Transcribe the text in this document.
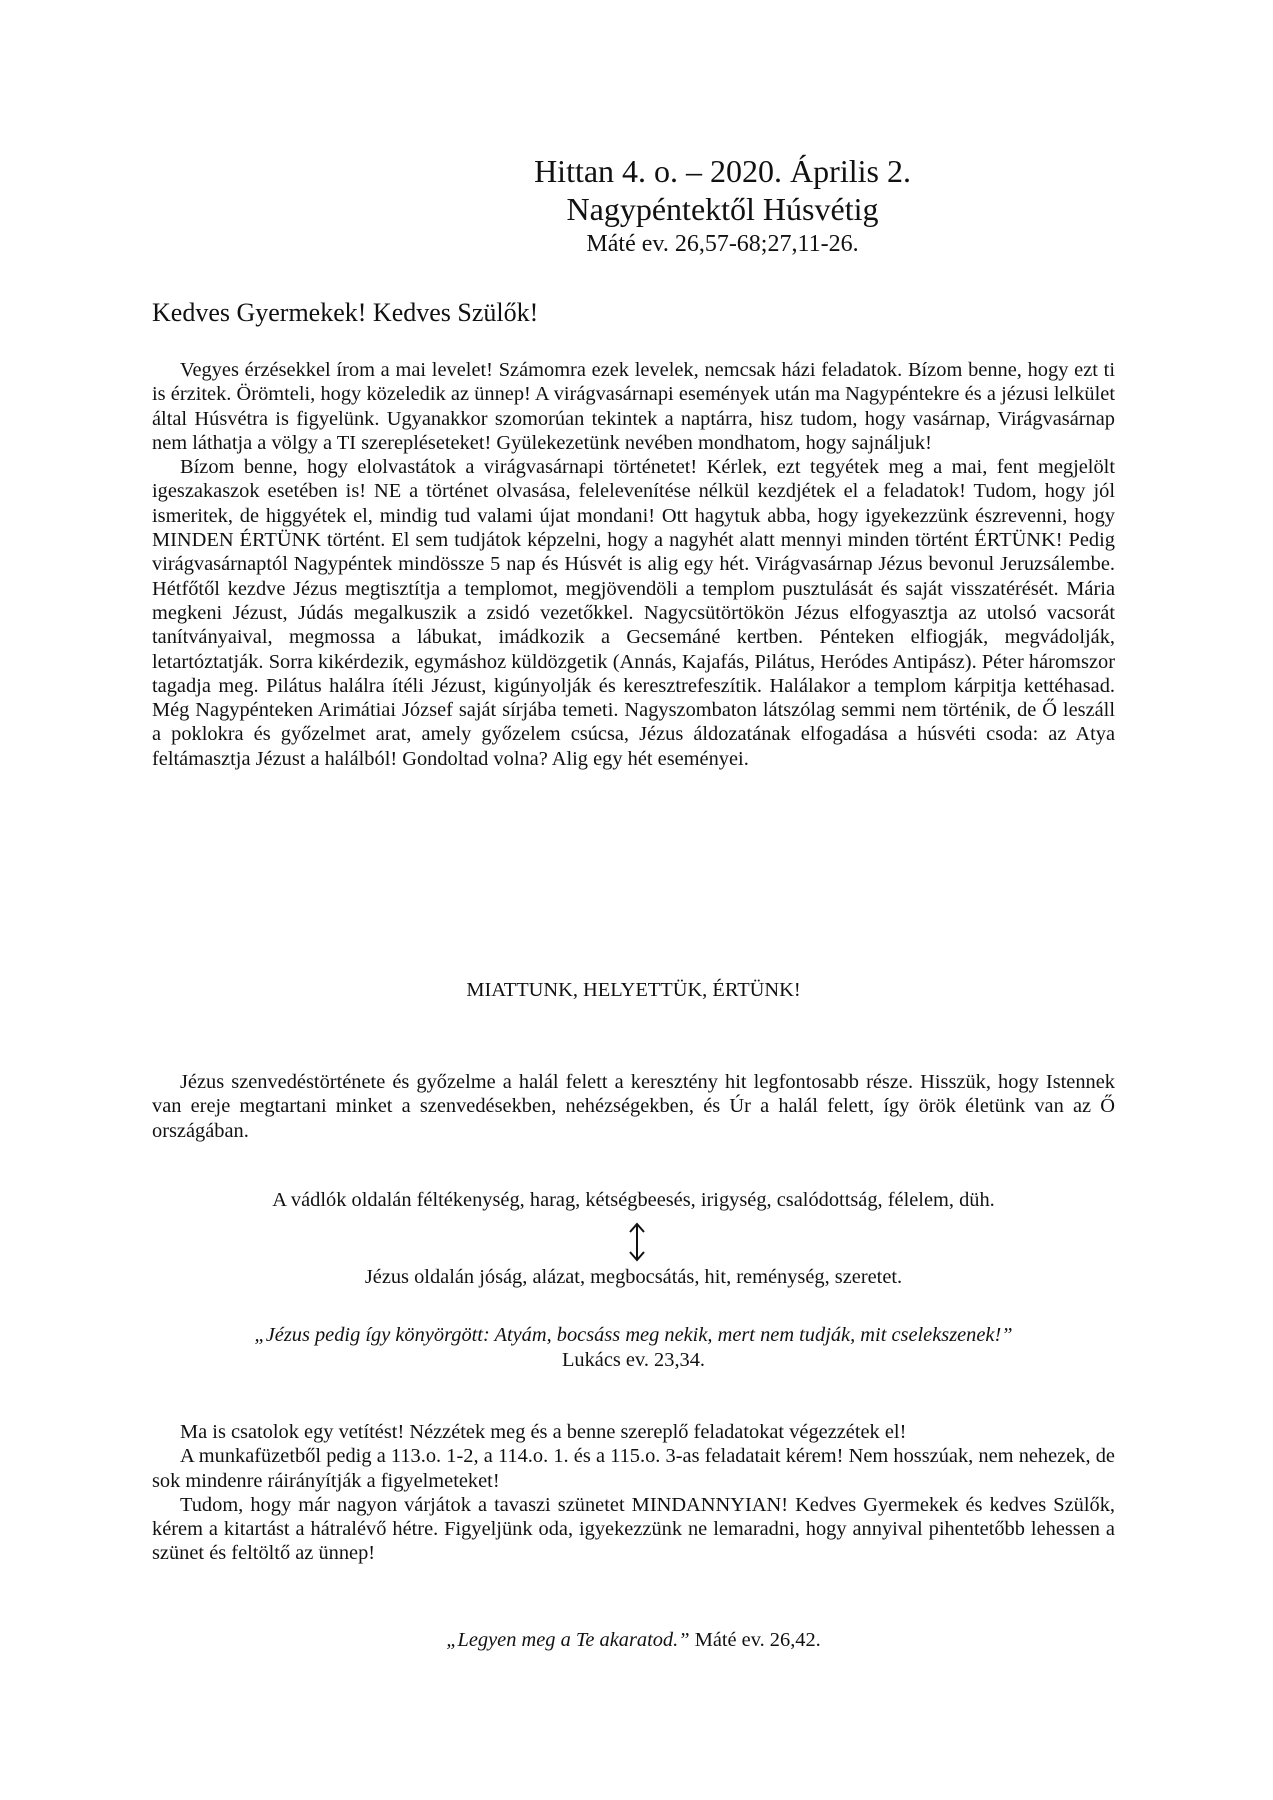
Hittan 4. o. – 2020. Április 2.
Nagypéntektől Húsvétig
Máté ev. 26,57-68;27,11-26.
Kedves Gyermekek! Kedves Szülők!

Vegyes érzésekkel írom a mai levelet! Számomra ezek levelek, nemcsak házi feladatok. Bízom benne, hogy ezt ti is érzitek. Örömteli, hogy közeledik az ünnep! A virágvasárnapi események után ma Nagypéntekre és a jézusi lelkület által Húsvétra is figyelünk. Ugyanakkor szomorúan tekintek a naptárra, hisz tudom, hogy vasárnap, Virágvasárnap nem láthatja a völgy a TI szerepléseteket! Gyülekezetünk nevében mondhatom, hogy sajnáljuk!

Bízom benne, hogy elolvastátok a virágvasárnapi történetet! Kérlek, ezt tegyétek meg a mai, fent megjelölt igeszakaszok esetében is! NE a történet olvasása, felelevenítése nélkül kezdjétek el a feladatok! Tudom, hogy jól ismeritek, de higgyétek el, mindig tud valami újat mondani! Ott hagytuk abba, hogy igyekezzünk észrevenni, hogy MINDEN ÉRTÜNK történt. El sem tudjátok képzelni, hogy a nagyhét alatt mennyi minden történt ÉRTÜNK! Pedig virágvasárnaptól Nagypéntek mindössze 5 nap és Húsvét is alig egy hét. Virágvasárnap Jézus bevonul Jeruzsálembe. Hétfőtől kezdve Jézus megtisztítja a templomot, megjövendöli a templom pusztulását és saját visszatérését. Mária megkeni Jézust, Júdás megalkuszik a zsidó vezetőkkel. Nagycsütörtökön Jézus elfogyasztja az utolsó vacsorát tanítványaival, megmossa a lábukat, imádkozik a Gecsemáné kertben. Pénteken elfiogják, megvádolják, letartóztatják. Sorra kikérdezik, egymáshoz küldözgetik (Annás, Kajafás, Pilátus, Heródes Antipász). Péter háromszor tagadja meg. Pilátus halálra ítéli Jézust, kigúnyolják és keresztrefeszítik. Halálakor a templom kárpitja kettéhasad. Még Nagypénteken Arimátiai József saját sírjába temeti. Nagyszombaton látszólag semmi nem történik, de Ő leszáll a poklokra és győzelmet arat, amely győzelem csúcsa, Jézus áldozatának elfogadása a húsvéti csoda: az Atya feltámasztja Jézust a halálból! Gondoltad volna? Alig egy hét eseményei.

MIATTUNK, HELYETTÜK, ÉRTÜNK!

Jézus szenvedéstörténete és győzelme a halál felett a keresztény hit legfontosabb része. Hisszük, hogy Istennek van ereje megtartani minket a szenvedésekben, nehézségekben, és Úr a halál felett, így örök életünk van az Ő országában.

A vádlók oldalán féltékenység, harag, kétségbeesés, irigység, csalódottság, félelem, düh.
Jézus oldalán jóság, alázat, megbocsátás, hit, reménység, szeretet.
„Jézus pedig így könyörgött: Atyám, bocsáss meg nekik, mert nem tudják, mit cselekszenek!”
Lukács ev. 23,34.

Ma is csatolok egy vetítést! Nézzétek meg és a benne szereplő feladatokat végezzétek el!

A munkafüzetből pedig a 113.o. 1-2, a 114.o. 1. és a 115.o. 3-as feladatait kérem! Nem hosszúak, nem nehezek, de sok mindenre ráirányítják a figyelmeteket!

Tudom, hogy már nagyon várjátok a tavaszi szünetet MINDANNYIAN! Kedves Gyermekek és kedves Szülők, kérem a kitartást a hátralévő hétre. Figyeljünk oda, igyekezzünk ne lemaradni, hogy annyival pihentetőbb lehessen a szünet és feltöltő az ünnep!

„Legyen meg a Te akaratod.” Máté ev. 26,42.
